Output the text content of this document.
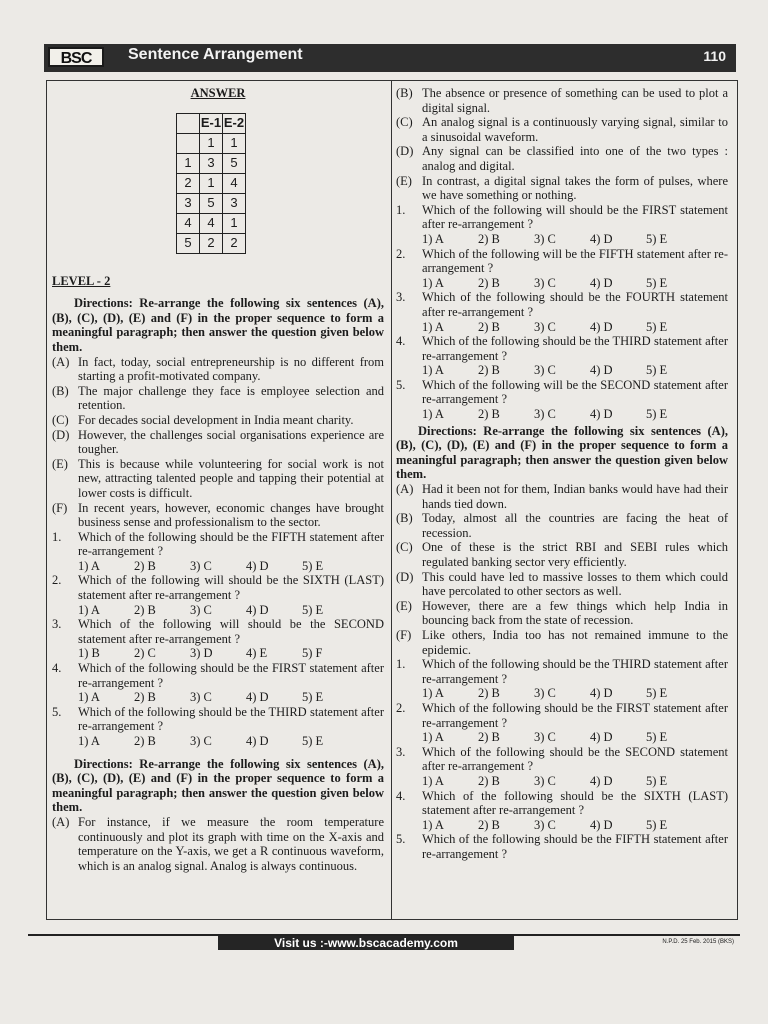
BSC	Sentence Arrangement	110
ANSWER
	E-1	E-2
	1	1
1	3	5
2	1	4
3	5	3
4	4	1
5	2	2
LEVEL - 2
Directions: Re-arrange the following six sentences (A), (B), (C), (D), (E) and (F) in the proper sequence to form a meaningful paragraph; then answer the question given below them.
(A) In fact, today, social entrepreneurship is no different from starting a profit-motivated company.
(B) The major challenge they face is employee selection and retention.
(C) For decades social development in India meant charity.
(D) However, the challenges social organisations experience are tougher.
(E) This is because while volunteering for social work is not new, attracting talented people and tapping their potential at lower costs is difficult.
(F) In recent years, however, economic changes have brought business sense and professionalism to the sector.
1.	Which of the following should be the FIFTH statement after re-arrangement ?
1) A	2) B	3) C	4) D	5) E
2.	Which of the following will should be the SIXTH (LAST) statement after re-arrangement ?
1) A	2) B	3) C	4) D	5) E
3.	Which of the following will should be the SECOND statement after re-arrangement ?
1) B	2) C	3) D	4) E	5) F
4.	Which of the following should be the FIRST statement after re-arrangement ?
1) A	2) B	3) C	4) D	5) E
5.	Which of the following should be the THIRD statement after re-arrangement ?
1) A	2) B	3) C	4) D	5) E
Directions: Re-arrange the following six sentences (A), (B), (C), (D), (E) and (F) in the proper sequence to form a meaningful paragraph; then answer the question given below them.
(A) For instance, if we measure the room temperature continuously and plot its graph with time on the X-axis and temperature on the Y-axis, we get a R continuous waveform, which is an analog signal. Analog is always continuous.
(B) The absence or presence of something can be used to plot a digital signal.
(C) An analog signal is a continuously varying signal, similar to a sinusoidal waveform.
(D) Any signal can be classified into one of the two types : analog and digital.
(E) In contrast, a digital signal takes the form of pulses, where we have something or nothing.
1.	Which of the following will should be the FIRST statement after re-arrangement ?
1) A	2) B	3) C	4) D	5) E
2.	Which of the following will be the FIFTH statement after re-arrangement ?
1) A	2) B	3) C	4) D	5) E
3.	Which of the following should be the FOURTH statement after re-arrangement ?
1) A	2) B	3) C	4) D	5) E
4.	Which of the following should be the THIRD statement after re-arrangement ?
1) A	2) B	3) C	4) D	5) E
5.	Which of the following will be the SECOND statement after re-arrangement ?
1) A	2) B	3) C	4) D	5) E
Directions: Re-arrange the following six sentences (A), (B), (C), (D), (E) and (F) in the proper sequence to form a meaningful paragraph; then answer the question given below them.
(A) Had it been not for them, Indian banks would have had their hands tied down.
(B) Today, almost all the countries are facing the heat of recession.
(C) One of these is the strict RBI and SEBI rules which regulated banking sector very efficiently.
(D) This could have led to massive losses to them which could have percolated to other sectors as well.
(E) However, there are a few things which help India in bouncing back from the state of recession.
(F) Like others, India too has not remained immune to the epidemic.
1.	Which of the following should be the THIRD statement after re-arrangement ?
1) A	2) B	3) C	4) D	5) E
2.	Which of the following should be the FIRST statement after re-arrangement ?
1) A	2) B	3) C	4) D	5) E
3.	Which of the following should be the SECOND statement after re-arrangement ?
1) A	2) B	3) C	4) D	5) E
4.	Which of the following should be the SIXTH (LAST) statement after re-arrangement ?
1) A	2) B	3) C	4) D	5) E
5.	Which of the following should be the FIFTH statement after re-arrangement ?
Visit us :-www.bscacademy.com	N.P.D. 25 Feb. 2015 (BKS)
